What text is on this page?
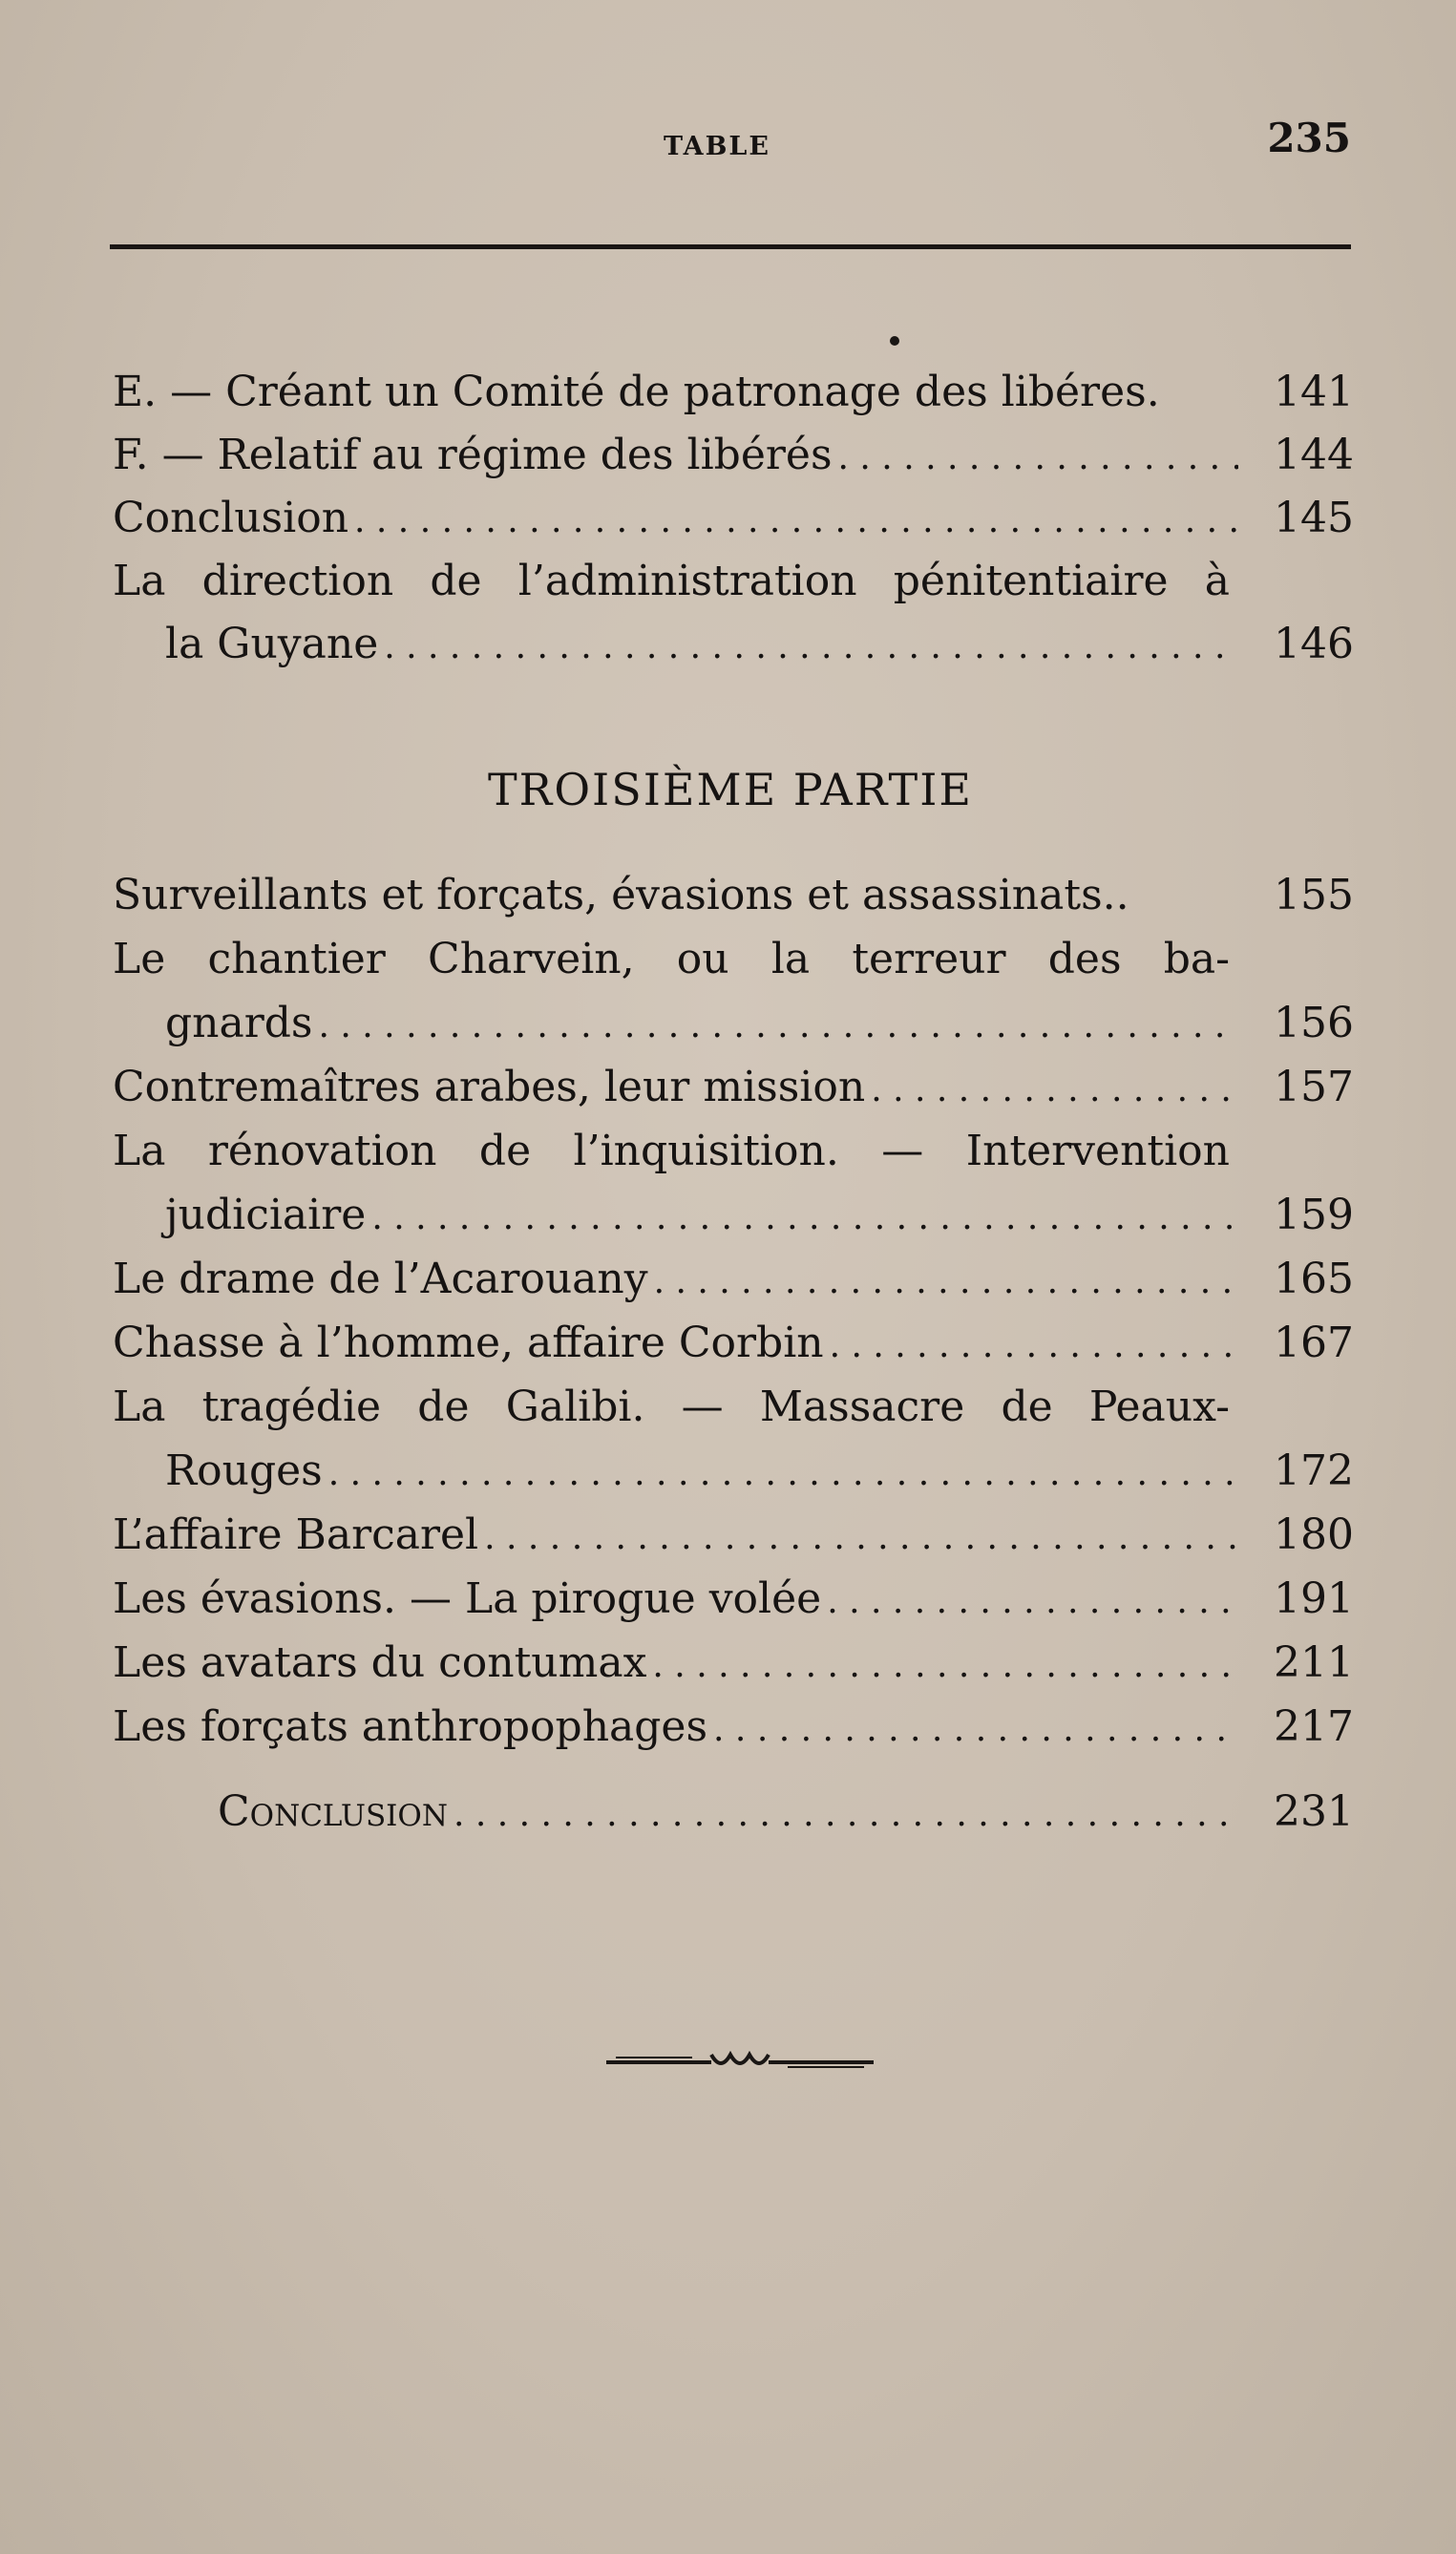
TABLE	235
E. — Créant un Comité de patronage des libéres.	141
F. — Relatif au régime des libérés . . .	144
Conclusion . . .	145
La direction de l’administration pénitentiaire à
la Guyane . . .	146
TROISIÈME PARTIE
Surveillants et forçats, évasions et assassinats..	155
Le chantier Charvein, ou la terreur des ba-
gnards . . .	156
Contremaîtres arabes, leur mission . . .	157
La rénovation de l’inquisition. — Intervention
judiciaire . . .	159
Le drame de l’Acarouany . . .	165
Chasse à l’homme, affaire Corbin . . .	167
La tragédie de Galibi. — Massacre de Peaux-
Rouges . . .	172
L’affaire Barcarel . . .	180
Les évasions. — La pirogue volée . . .	191
Les avatars du contumax . . .	211
Les forçats anthropophages . . .	217
Conclusion . . .	231
